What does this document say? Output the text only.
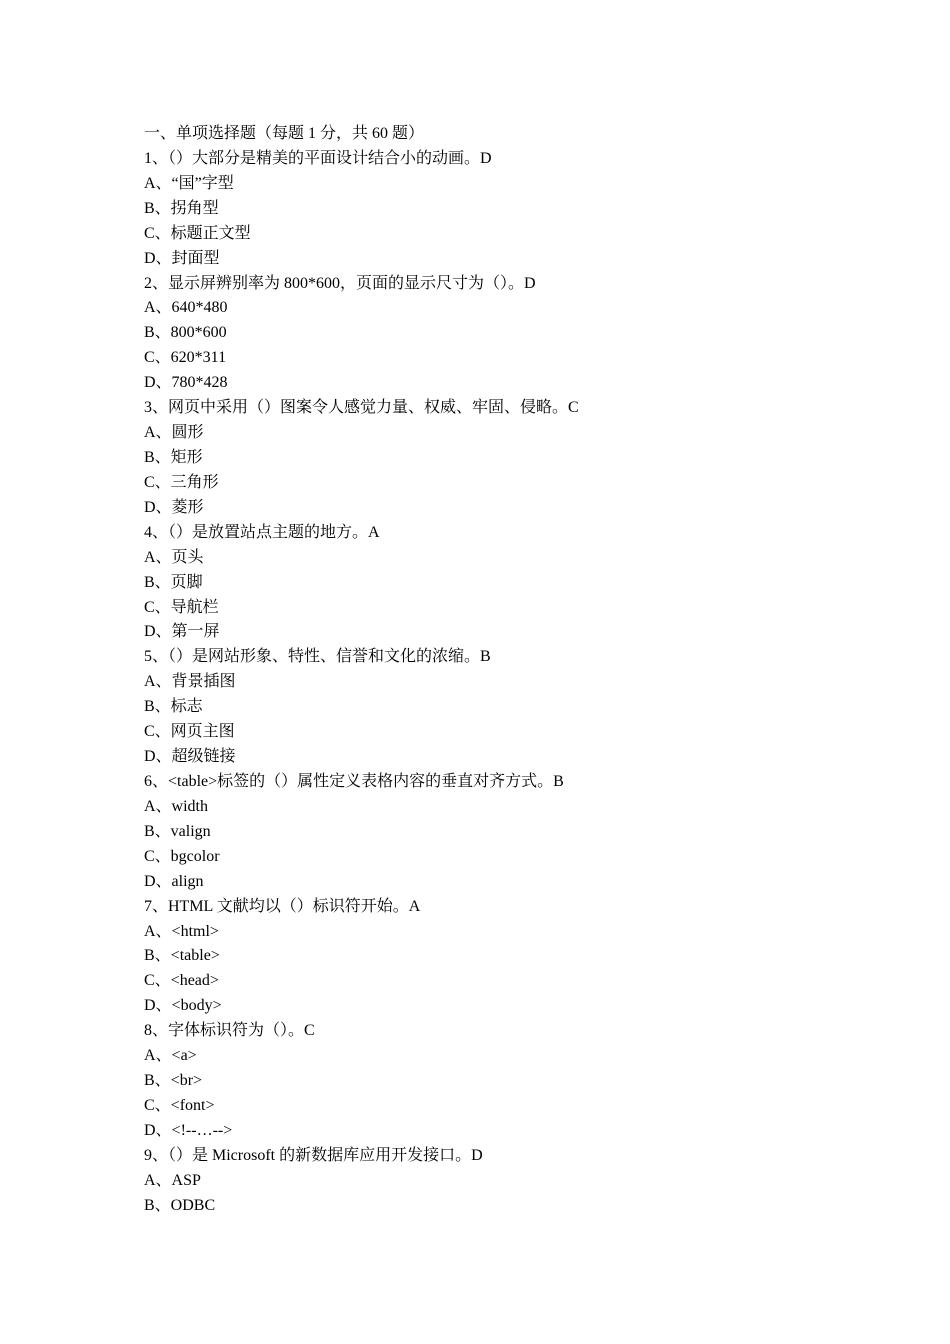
一、单项选择题（每题 1 分，共 60 题）
1、（）大部分是精美的平面设计结合小的动画。D
A、“国”字型
B、拐角型
C、标题正文型
D、封面型
2、显示屏辨别率为 800*600，页面的显示尺寸为（）。D
A、640*480
B、800*600
C、620*311
D、780*428
3、网页中采用（）图案令人感觉力量、权威、牢固、侵略。C
A、圆形
B、矩形
C、三角形
D、菱形
4、（）是放置站点主题的地方。A
A、页头
B、页脚
C、导航栏
D、第一屏
5、（）是网站形象、特性、信誉和文化的浓缩。B
A、背景插图
B、标志
C、网页主图
D、超级链接
6、<table>标签的（）属性定义表格内容的垂直对齐方式。B
A、width
B、valign
C、bgcolor
D、align
7、HTML 文献均以（）标识符开始。A
A、<html>
B、<table>
C、<head>
D、<body>
8、字体标识符为（）。C
A、<a>
B、<br>
C、<font>
D、<!--…-->
9、（）是 Microsoft 的新数据库应用开发接口。D
A、ASP
B、ODBC
